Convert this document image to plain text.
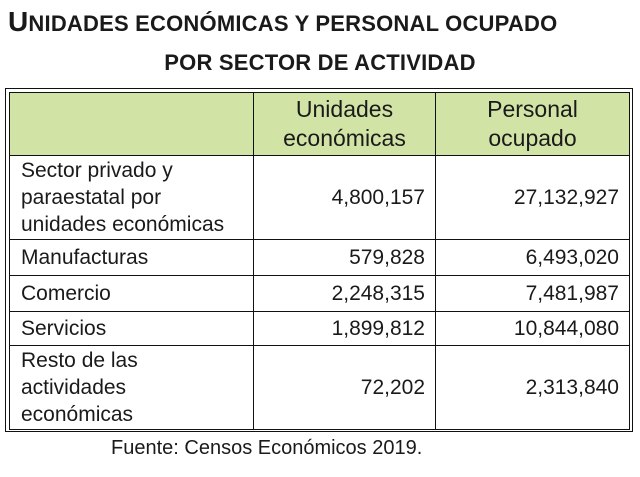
UNIDADES ECONÓMICAS Y PERSONAL OCUPADO
POR SECTOR DE ACTIVIDAD
	Unidades económicas	Personal ocupado
Sector privado y paraestatal por unidades económicas	4,800,157	27,132,927
Manufacturas	579,828	6,493,020
Comercio	2,248,315	7,481,987
Servicios	1,899,812	10,844,080
Resto de las actividades económicas	72,202	2,313,840
Fuente: Censos Económicos 2019.
